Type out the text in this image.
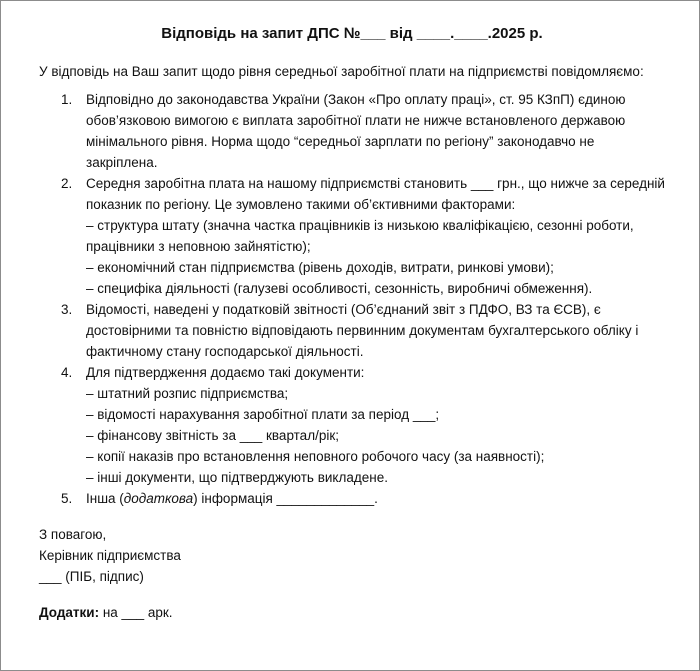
Відповідь на запит ДПС №___ від ____.____.2025 р.
У відповідь на Ваш запит щодо рівня середньої заробітної плати на підприємстві повідомляємо:
1.	Відповідно до законодавства України (Закон «Про оплату праці», ст. 95 КЗпП) єдиною обов’язковою вимогою є виплата заробітної плати не нижче встановленого державою мінімального рівня. Норма щодо “середньої зарплати по регіону” законодавчо не закріплена.
2.	Середня заробітна плата на нашому підприємстві становить ___ грн., що нижче за середній показник по регіону. Це зумовлено такими об’єктивними факторами:
– структура штату (значна частка працівників із низькою кваліфікацією, сезонні роботи, працівники з неповною зайнятістю);
– економічний стан підприємства (рівень доходів, витрати, ринкові умови);
– специфіка діяльності (галузеві особливості, сезонність, виробничі обмеження).
3.	Відомості, наведені у податковій звітності (Об’єднаний звіт з ПДФО, ВЗ та ЄСВ), є достовірними та повністю відповідають первинним документам бухгалтерського обліку і фактичному стану господарської діяльності.
4.	Для підтвердження додаємо такі документи:
– штатний розпис підприємства;
– відомості нарахування заробітної плати за період ___;
– фінансову звітність за ___ квартал/рік;
– копії наказів про встановлення неповного робочого часу (за наявності);
– інші документи, що підтверджують викладене.
5.	Інша (додаткова) інформація _____________.
З повагою,
Керівник підприємства
___ (ПІБ, підпис)
Додатки: на ___ арк.
